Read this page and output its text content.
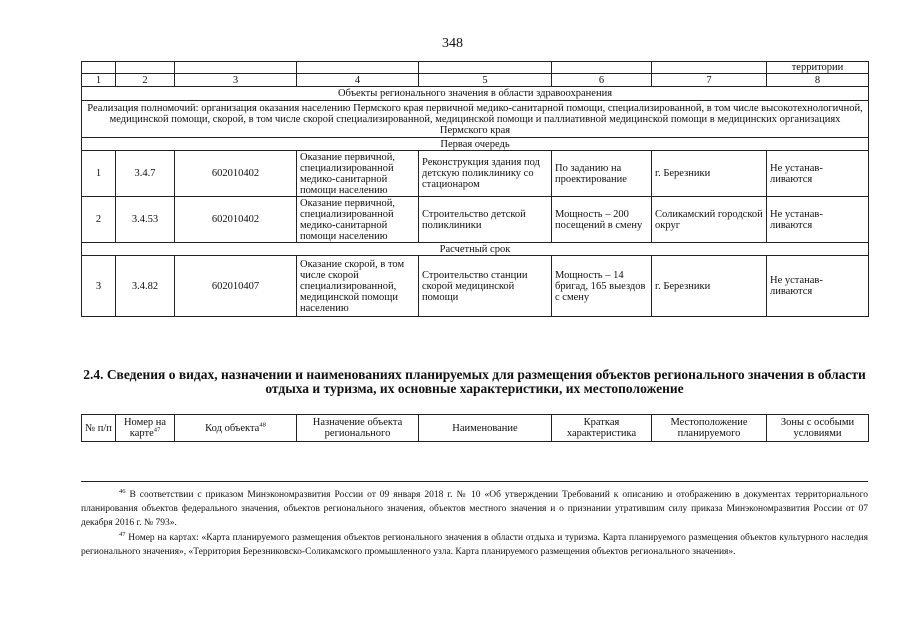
348
							территории
1	2	3	4	5	6	7	8
Объекты регионального значения в области здравоохранения							
Реализация полномочий: организация оказания населению Пермского края первичной медико-санитарной помощи, специализированной, в том числе высокотехнологичной, медицинской помощи, скорой, в том числе скорой специализированной, медицинской помощи и паллиативной медицинской помощи в медицинских организациях Пермского края							
Первая очередь							
1	3.4.7	602010402	Оказание первичной, специализированной медико-санитарной помощи населению	Реконструкция здания под детскую поликлинику со стационаром	По заданию на проектирование	г. Березники	Не устанав-ливаются
2	3.4.53	602010402	Оказание первичной, специализированной медико-санитарной помощи населению	Строительство детской поликлиники	Мощность – 200 посещений в смену	Соликамский городской округ	Не устанав-ливаются
Расчетный срок							
3	3.4.82	602010407	Оказание скорой, в том числе скорой специализированной, медицинской помощи населению	Строительство станции скорой медицинской помощи	Мощность – 14 бригад, 165 выездов с смену	г. Березники	Не устанав-ливаются
2.4. Сведения о видах, назначении и наименованиях планируемых для размещения объектов регионального значения в области отдыха и туризма, их основные характеристики, их местоположение
№ п/п	Номер на карте$^{47}$	Код объекта$^{48}$	Назначение объекта регионального	Наименование	Краткая характеристика	Местоположение планируемого	Зоны с особыми условиями
$^{46}$ В соответствии с приказом Минэкономразвития России от 09 января 2018 г. № 10 «Об утверждении Требований к описанию и отображению в документах территориального планирования объектов федерального значения, объектов регионального значения, объектов местного значения и о признании утратившим силу приказа Минэкономразвития России от 07 декабря 2016 г. № 793».
$^{47}$ Номер на картах: «Карта планируемого размещения объектов регионального значения в области отдыха и туризма. Карта планируемого размещения объектов культурного наследия регионального значения», «Территория Березниковско-Соликамского промышленного узла. Карта планируемого размещения объектов регионального значения».
